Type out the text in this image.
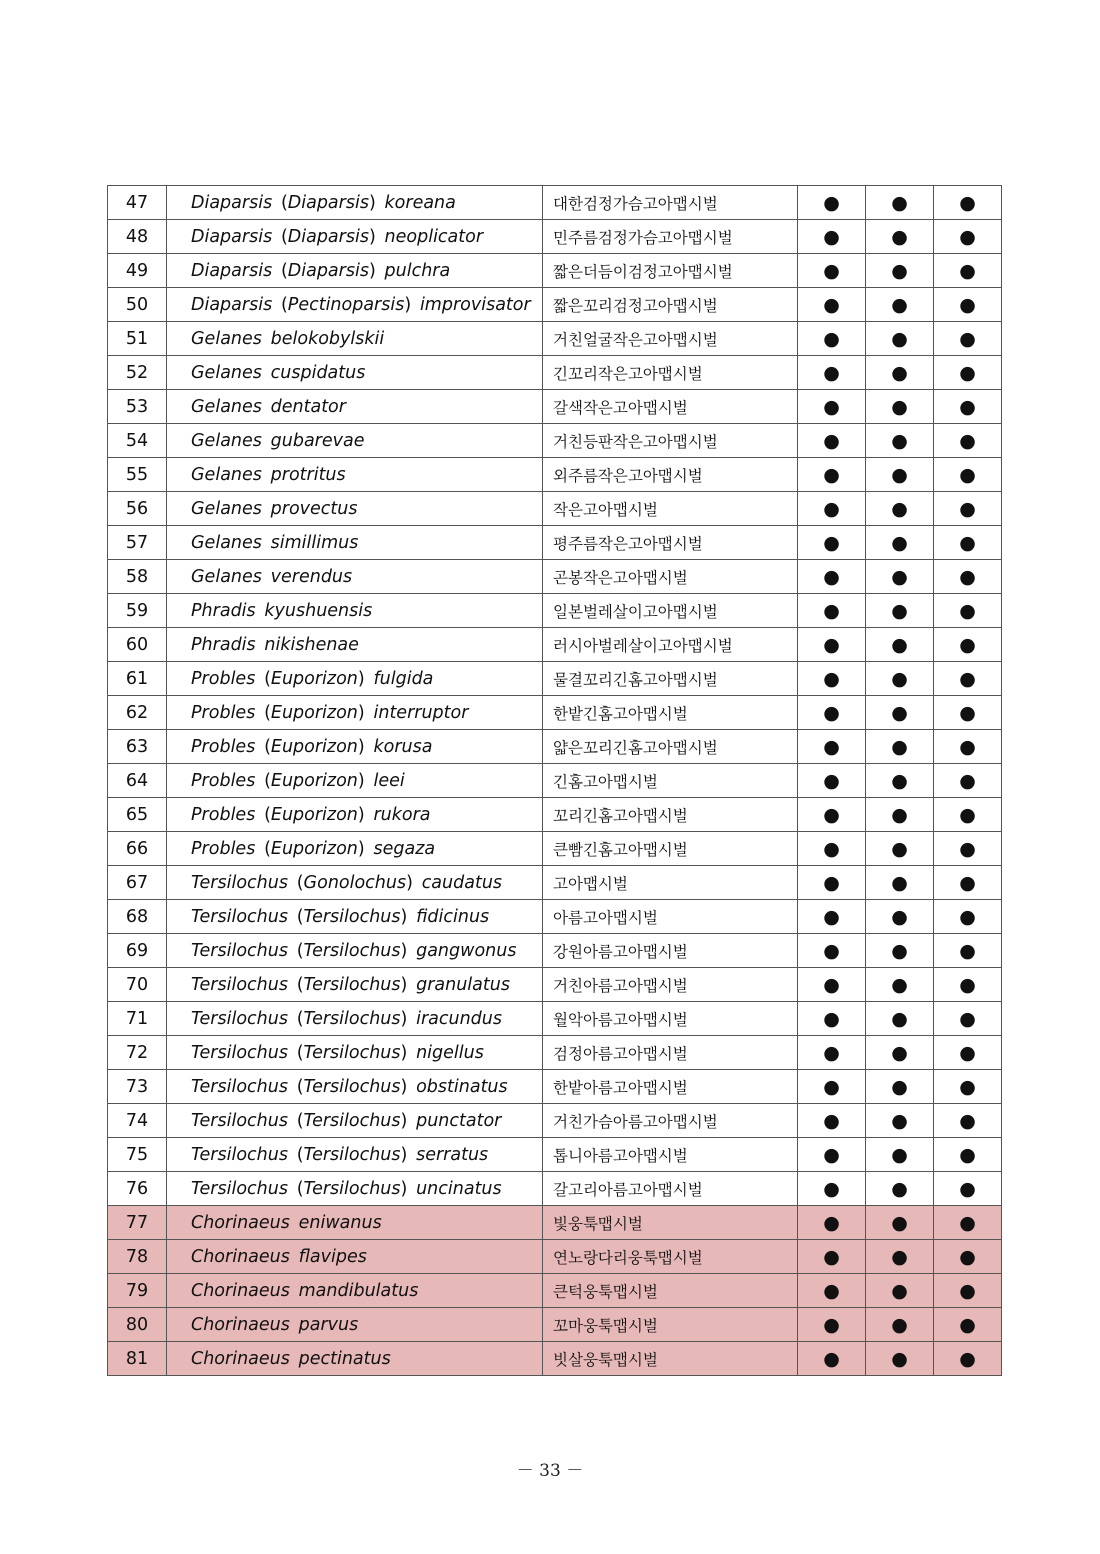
47	Diaparsis  (Diaparsis)  koreana	대한검정가슴고아맵시벌	●	●	●
48	Diaparsis  (Diaparsis)  neoplicator	민주름검정가슴고아맵시벌	●	●	●
49	Diaparsis  (Diaparsis)  pulchra	짧은더듬이검정고아맵시벌	●	●	●
50	Diaparsis  (Pectinoparsis)  improvisator	짧은꼬리검정고아맵시벌	●	●	●
51	Gelanes  belokobylskii	거친얼굴작은고아맵시벌	●	●	●
52	Gelanes  cuspidatus	긴꼬리작은고아맵시벌	●	●	●
53	Gelanes  dentator	갈색작은고아맵시벌	●	●	●
54	Gelanes  gubarevae	거친등판작은고아맵시벌	●	●	●
55	Gelanes  protritus	외주름작은고아맵시벌	●	●	●
56	Gelanes  provectus	작은고아맵시벌	●	●	●
57	Gelanes  simillimus	평주름작은고아맵시벌	●	●	●
58	Gelanes  verendus	곤봉작은고아맵시벌	●	●	●
59	Phradis  kyushuensis	일본벌레살이고아맵시벌	●	●	●
60	Phradis  nikishenae	러시아벌레살이고아맵시벌	●	●	●
61	Probles  (Euporizon)  fulgida	물결꼬리긴홈고아맵시벌	●	●	●
62	Probles  (Euporizon)  interruptor	한밭긴홈고아맵시벌	●	●	●
63	Probles  (Euporizon)  korusa	얇은꼬리긴홈고아맵시벌	●	●	●
64	Probles  (Euporizon)  leei	긴홈고아맵시벌	●	●	●
65	Probles  (Euporizon)  rukora	꼬리긴홈고아맵시벌	●	●	●
66	Probles  (Euporizon)  segaza	큰빰긴홈고아맵시벌	●	●	●
67	Tersilochus  (Gonolochus)  caudatus	고아맵시벌	●	●	●
68	Tersilochus  (Tersilochus)  fidicinus	아름고아맵시벌	●	●	●
69	Tersilochus  (Tersilochus)  gangwonus	강원아름고아맵시벌	●	●	●
70	Tersilochus  (Tersilochus)  granulatus	거친아름고아맵시벌	●	●	●
71	Tersilochus  (Tersilochus)  iracundus	월악아름고아맵시벌	●	●	●
72	Tersilochus  (Tersilochus)  nigellus	검정아름고아맵시벌	●	●	●
73	Tersilochus  (Tersilochus)  obstinatus	한밭아름고아맵시벌	●	●	●
74	Tersilochus  (Tersilochus)  punctator	거친가슴아름고아맵시벌	●	●	●
75	Tersilochus  (Tersilochus)  serratus	톱니아름고아맵시벌	●	●	●
76	Tersilochus  (Tersilochus)  uncinatus	갈고리아름고아맵시벌	●	●	●
77	Chorinaeus  eniwanus	빛웅툭맵시벌	●	●	●
78	Chorinaeus  flavipes	연노랑다리웅툭맵시벌	●	●	●
79	Chorinaeus  mandibulatus	큰턱웅툭맵시벌	●	●	●
80	Chorinaeus  parvus	꼬마웅툭맵시벌	●	●	●
81	Chorinaeus  pectinatus	빗살웅툭맵시벌	●	●	●
－ 33 －
